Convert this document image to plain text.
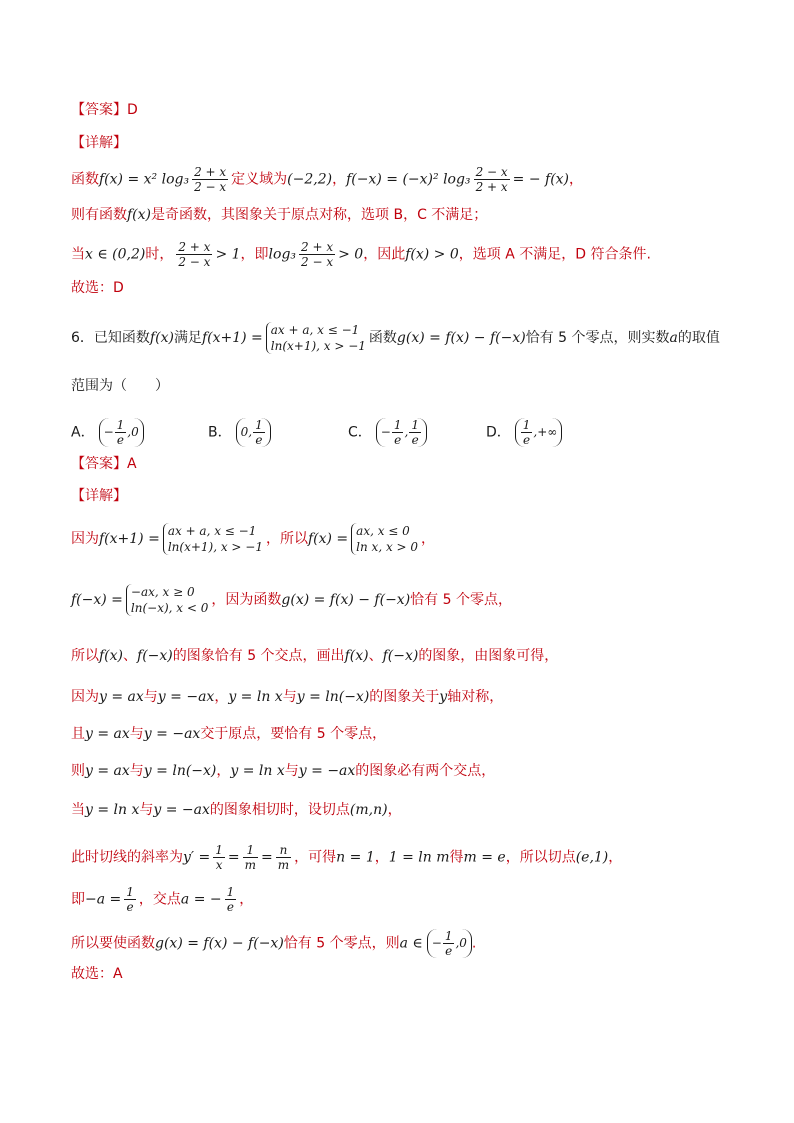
【答案】D
【详解】
函数f(x) = x² $\log_3 \frac{2 + x}{2 - x}$ 定义域为(−2,2)，f(−x) = (−x)² $\log_3 \frac{2 - x}{2 + x}$ = − f(x)，
则有函数f(x)是奇函数，其图象关于原点对称，选项 B，C 不满足；
当x ∈ (0,2)时， $\frac{2 + x}{2 - x} > 1$，即$\log_3 \frac{2 + x}{2 - x} > 0$，因此f(x) > 0，选项 A 不满足，D 符合条件.
故选：D
6．已知函数f(x)满足f(x+1) = ax + a, x ≤ −1
ln(x+1), x > −1 函数g(x) = f(x) − f(−x)恰有 5 个零点，则实数a的取值
范围为（　　）
A． − $\frac{1}{e} ,0$	B． 0, $\frac{1}{e}$	C． − $\frac{1}{e}$ , $\frac{1}{e}$	D． $\frac{1}{e}$ ,+∞
【答案】A
【详解】
因为f(x+1) = ax + a, x ≤ −1
ln(x+1), x > −1 ，所以f(x) = ax, x ≤ 0
ln x, x > 0 ，
f(−x) = −ax, x ≥ 0
ln(−x), x < 0 ，因为函数g(x) = f(x) − f(−x)恰有 5 个零点，
所以f(x)、f(−x)的图象恰有 5 个交点，画出f(x)、f(−x)的图象，由图象可得，
因为y = ax与y = −ax，y = ln x与y = ln(−x)的图象关于y轴对称，
且y = ax与y = −ax交于原点，要恰有 5 个零点，
则y = ax与y = ln(−x)，y = ln x与y = −ax的图象必有两个交点，
当y = ln x与y = −ax的图象相切时，设切点(m,n)，
此时切线的斜率为$y' = \frac{1}{x} = \frac{1}{m} = \frac{n}{m}$ ，可得n = 1，1 = ln m得m = e，所以切点(e,1)，
即$-a = \frac{1}{e}$ ，交点a = − $\frac{1}{e}$ ，
所以要使函数g(x) = f(x) − f(−x)恰有 5 个零点，则a ∈ − $\frac{1}{e} ,0$ .
故选：A
